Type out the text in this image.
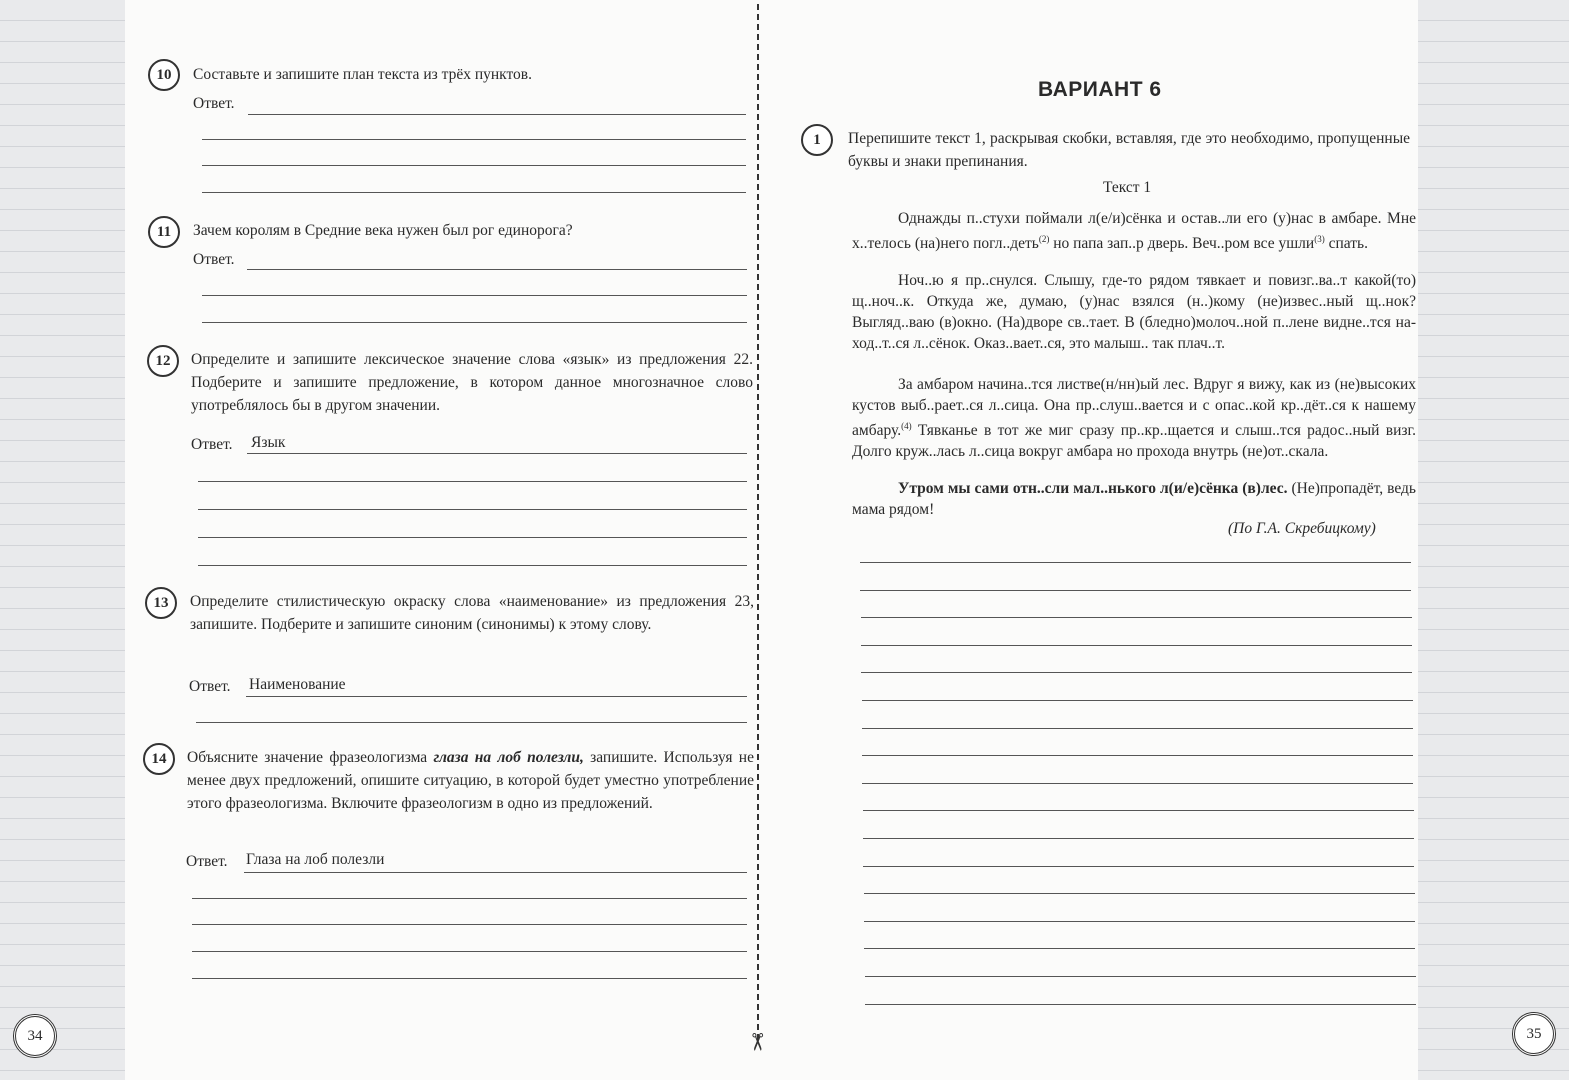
10	Составьте и запишите план текста из трёх пунктов.
Ответ.
11	Зачем королям в Средние века нужен был рог единорога?
Ответ.
12	Определите и запишите лексическое значение слова «язык» из предложения 22. Подберите и запишите предложение, в котором данное многозначное слово употреблялось бы в другом значении.
Ответ. Язык
13	Определите стилистическую окраску слова «наименование» из предложения 23, запишите. Подберите и запишите синоним (синонимы) к этому слову.
Ответ. Наименование
14	Объясните значение фразеологизма глаза на лоб полезли, запишите. Используя не менее двух предложений, опишите ситуацию, в которой будет уместно употребление этого фразеологизма. Включите фразеологизм в одно из предложений.
Ответ. Глаза на лоб полезли
34	✂
ВАРИАНТ 6
1	Перепишите текст 1, раскрывая скобки, вставляя, где это необходимо, пропущенные буквы и знаки препинания.
Текст 1
Однажды п..стухи поймали л(е/и)сёнка и остав..ли его (у)нас в амбаре. Мне х..телось (на)него погл..деть$^{(2)}$ но папа зап..р дверь. Веч..ром все ушли$^{(3)}$ спать.
Ноч..ю я пр..снулся. Слышу, где-то рядом тявкает и повизг..ва..т какой(то) щ..ноч..к. Откуда же, думаю, (у)нас взялся (н..)кому (не)извес..ный щ..нок? Выгляд..ваю (в)окно. (На)дворе св..тает. В (бледно)молоч..ной п..лене видне..тся на-ход..т..ся л..сёнок. Оказ..вает..ся, это малыш.. так плач..т.
За амбаром начина..тся листве(н/нн)ый лес. Вдруг я вижу, как из (не)высоких кустов выб..рает..ся л..сица. Она пр..слуш..вается и с опас..кой кр..дёт..ся к нашему амбару.$^{(4)}$ Тявканье в тот же миг сразу пр..кр..щается и слыш..тся радос..ный визг. Долго круж..лась л..сица вокруг амбара но прохода внутрь (не)от..скала.
Утром мы сами отн..сли мал..нького л(и/е)сёнка (в)лес. (Не)пропадёт, ведь мама рядом!
(По Г.А. Скребицкому)
35
